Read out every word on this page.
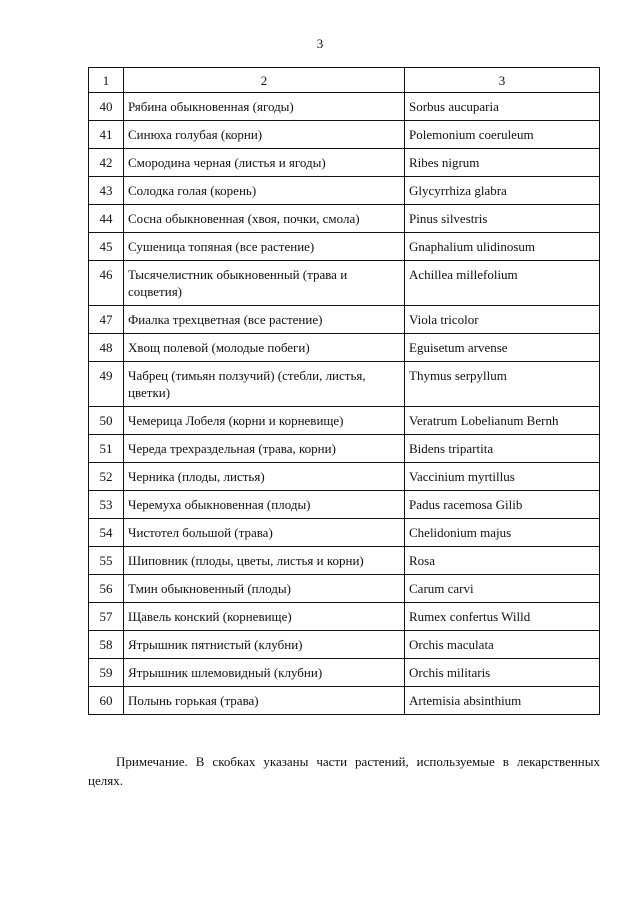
3
1	2	3
40	Рябина обыкновенная (ягоды)	Sorbus aucuparia
41	Синюха голубая (корни)	Polemonium coeruleum
42	Смородина черная (листья и ягоды)	Ribes nigrum
43	Солодка голая (корень)	Glycyrrhiza glabra
44	Сосна обыкновенная (хвоя, почки, смола)	Pinus silvestris
45	Сушеница топяная (все растение)	Gnaphalium ulidinosum
46	Тысячелистник обыкновенный (трава и соцветия)	Achillea millefolium
47	Фиалка трехцветная (все растение)	Viola tricolor
48	Хвощ полевой (молодые побеги)	Eguisetum arvense
49	Чабрец (тимьян ползучий) (стебли, листья, цветки)	Thymus serpyllum
50	Чемерица Лобеля (корни и корневище)	Veratrum Lobelianum Bernh
51	Череда трехраздельная (трава, корни)	Bidens tripartita
52	Черника (плоды, листья)	Vaccinium myrtillus
53	Черемуха обыкновенная (плоды)	Padus racemosa Gilib
54	Чистотел большой (трава)	Chelidonium majus
55	Шиповник (плоды, цветы, листья и корни)	Rosa
56	Тмин обыкновенный (плоды)	Carum carvi
57	Щавель конский (корневище)	Rumex confertus Willd
58	Ятрышник пятнистый (клубни)	Orchis maculata
59	Ятрышник шлемовидный (клубни)	Orchis militaris
60	Полынь горькая (трава)	Artemisia absinthium
Примечание. В скобках указаны части растений, используемые в лекарственных целях.
